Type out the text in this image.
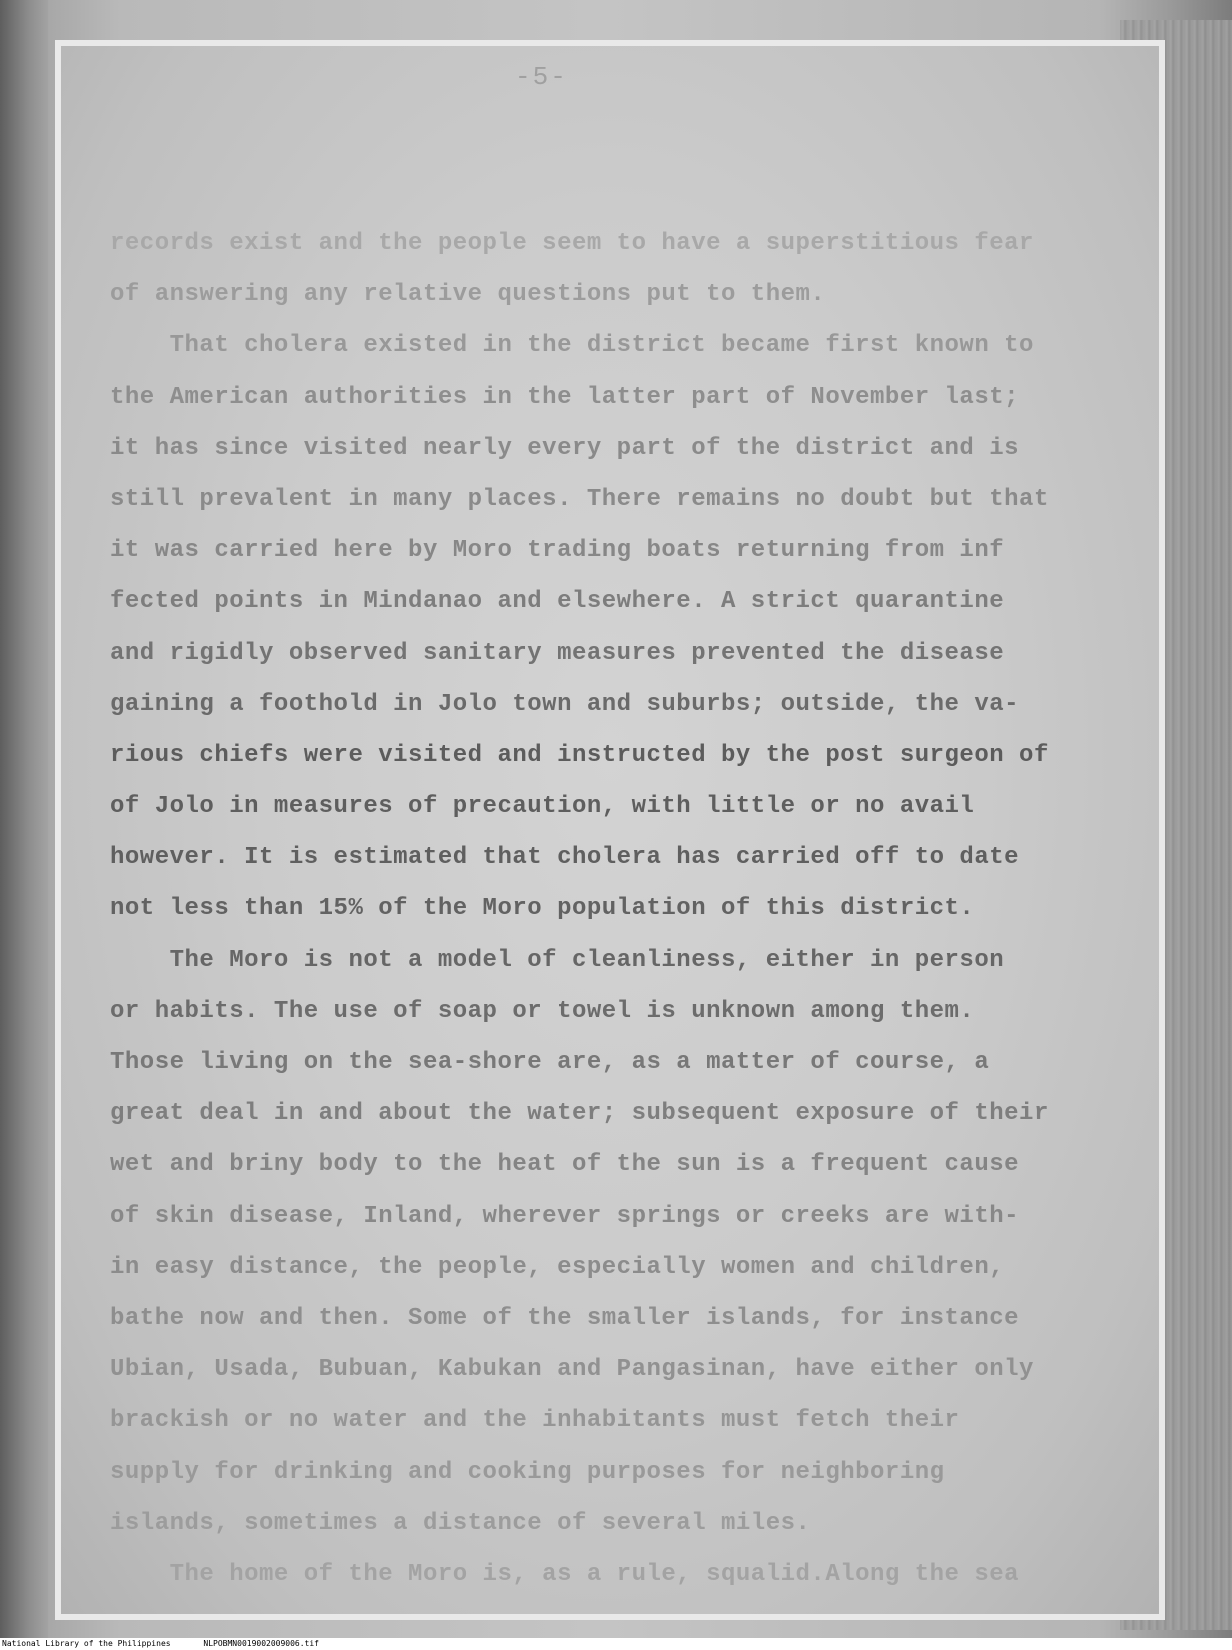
-5-
records exist and the people seem to have a superstitious fear
of answering any relative questions put to them.
That cholera existed in the district became first known to
the American authorities in the latter part of November last;
it has since visited nearly every part of the district and is
still prevalent in many places. There remains no doubt but that
it was carried here by Moro trading boats returning from inf
fected points in Mindanao and elsewhere. A strict quarantine
and rigidly observed sanitary measures prevented the disease
gaining a foothold in Jolo town and suburbs; outside, the va-
rious chiefs were visited and instructed by the post surgeon of
of Jolo in measures of precaution, with little or no avail
however. It is estimated that cholera has carried off to date
not less than 15% of the Moro population of this district.
The Moro is not a model of cleanliness, either in person
or habits. The use of soap or towel is unknown among them.
Those living on the sea-shore are, as a matter of course, a
great deal in and about the water; subsequent exposure of their
wet and briny body to the heat of the sun is a frequent cause
of skin disease, Inland, wherever springs or creeks are with-
in easy distance, the people, especially women and children,
bathe now and then. Some of the smaller islands, for instance
Ubian, Usada, Bubuan, Kabukan and Pangasinan, have either only
brackish or no water and the inhabitants must fetch their
supply for drinking and cooking purposes for neighboring
islands, sometimes a distance of several miles.
The home of the Moro is, as a rule, squalid.Along the sea
National Library of the Philippines	NLPOBMN0019002009006.tif
